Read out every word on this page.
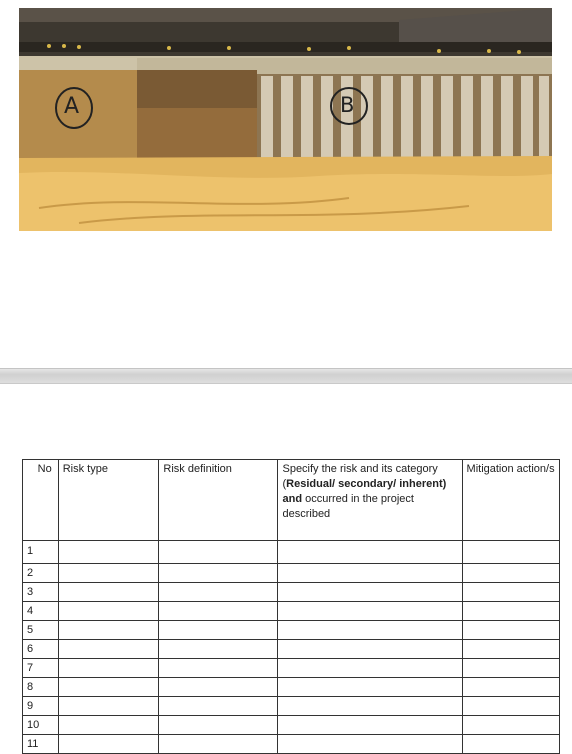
A	B
No	Risk type	Risk definition	Specify the risk and its category (Residual/ secondary/ inherent) and occurred in the project described	Mitigation action/s
1				
2				
3				
4				
5				
6				
7				
8				
9				
10				
11				
